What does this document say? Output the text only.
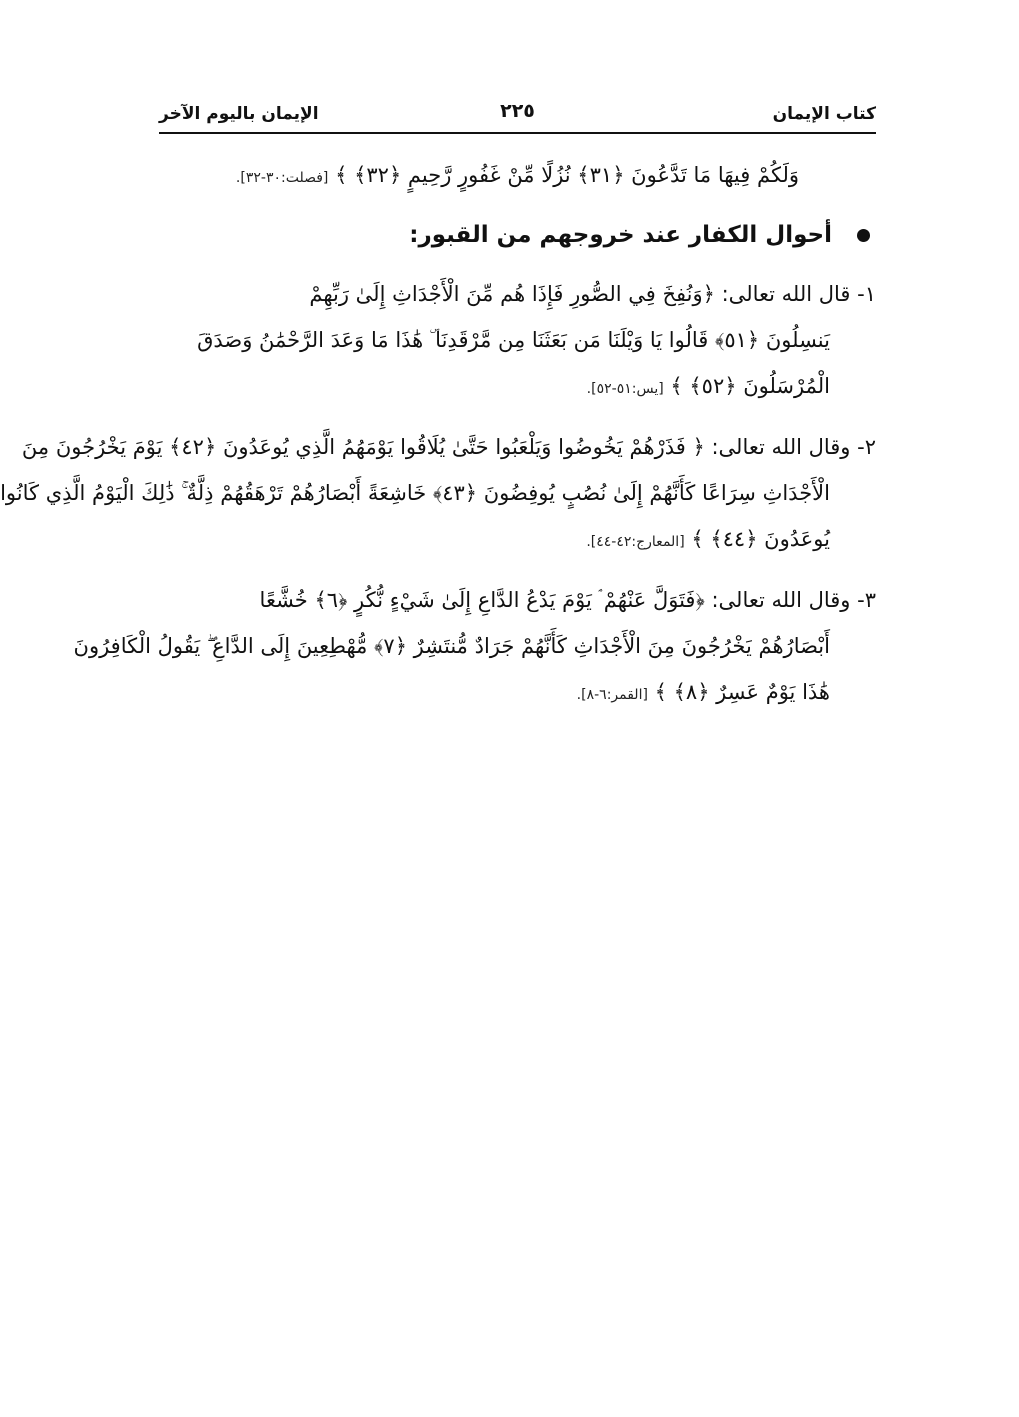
كتاب الإيمان
٢٢٥
الإيمان باليوم الآخر
وَلَكُمْ فِيهَا مَا تَدَّعُونَ ﴿٣١﴾ نُزُلًا مِّنْ غَفُورٍ رَّحِيمٍ ﴿٣٢﴾ ﴾ [فصلت:٣٠-٣٢].
أحوال الكفار عند خروجهم من القبور:
١- قال الله تعالى: ﴿وَنُفِخَ فِي الصُّورِ فَإِذَا هُم مِّنَ الْأَجْدَاثِ إِلَىٰ رَبِّهِمْ
يَنسِلُونَ ﴿٥١﴾ قَالُوا يَا وَيْلَنَا مَن بَعَثَنَا مِن مَّرْقَدِنَا ۜ هَٰذَا مَا وَعَدَ الرَّحْمَٰنُ وَصَدَقَ
الْمُرْسَلُونَ ﴿٥٢﴾ ﴾ [يس:٥١-٥٢].
٢- وقال الله تعالى: ﴿ فَذَرْهُمْ يَخُوضُوا وَيَلْعَبُوا حَتَّىٰ يُلَاقُوا يَوْمَهُمُ الَّذِي يُوعَدُونَ ﴿٤٢﴾ يَوْمَ يَخْرُجُونَ مِنَ
الْأَجْدَاثِ سِرَاعًا كَأَنَّهُمْ إِلَىٰ نُصُبٍ يُوفِضُونَ ﴿٤٣﴾ خَاشِعَةً أَبْصَارُهُمْ تَرْهَقُهُمْ ذِلَّةٌ ۚ ذَٰلِكَ الْيَوْمُ الَّذِي كَانُوا
يُوعَدُونَ ﴿٤٤﴾ ﴾ [المعارج:٤٢-٤٤].
٣- وقال الله تعالى: ﴿فَتَوَلَّ عَنْهُمْ ۘ يَوْمَ يَدْعُ الدَّاعِ إِلَىٰ شَيْءٍ نُّكُرٍ ﴿٦﴾ خُشَّعًا
أَبْصَارُهُمْ يَخْرُجُونَ مِنَ الْأَجْدَاثِ كَأَنَّهُمْ جَرَادٌ مُّنتَشِرٌ ﴿٧﴾ مُّهْطِعِينَ إِلَى الدَّاعِ ۖ يَقُولُ الْكَافِرُونَ
هَٰذَا يَوْمٌ عَسِرٌ ﴿٨﴾ ﴾ [القمر:٦-٨].
